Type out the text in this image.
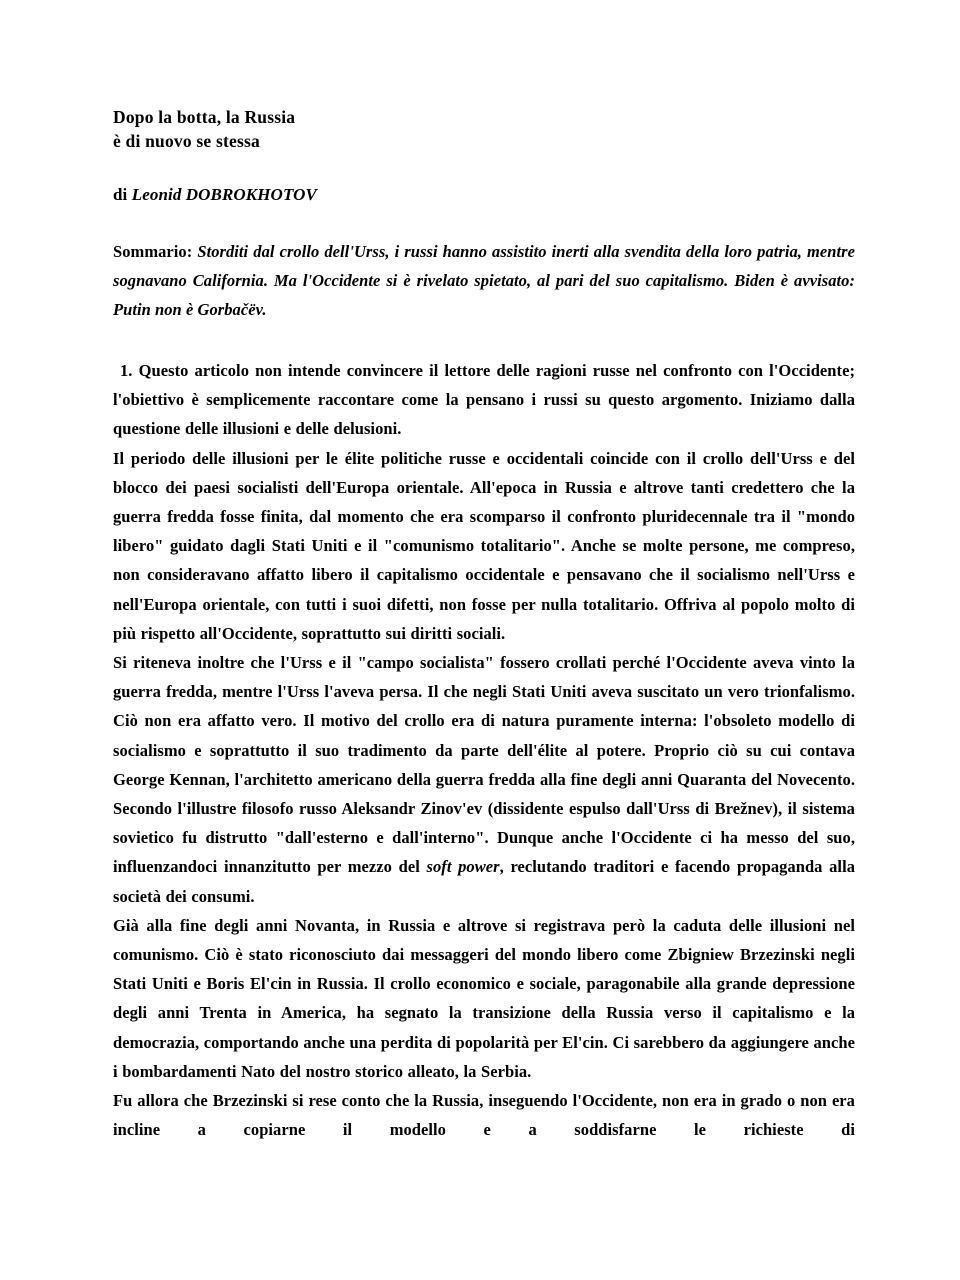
Dopo la botta, la Russia
è di nuovo se stessa

di Leonid DOBROKHOTOV

Sommario: Storditi dal crollo dell'Urss, i russi hanno assistito inerti alla svendita della loro patria, mentre sognavano California. Ma l'Occidente si è rivelato spietato, al pari del suo capitalismo. Biden è avvisato: Putin non è Gorbačëv.

1. Questo articolo non intende convincere il lettore delle ragioni russe nel confronto con l'Occidente; l'obiettivo è semplicemente raccontare come la pensano i russi su questo argomento. Iniziamo dalla questione delle illusioni e delle delusioni.

Il periodo delle illusioni per le élite politiche russe e occidentali coincide con il crollo dell'Urss e del blocco dei paesi socialisti dell'Europa orientale. All'epoca in Russia e altrove tanti credettero che la guerra fredda fosse finita, dal momento che era scomparso il confronto pluridecennale tra il "mondo libero" guidato dagli Stati Uniti e il "comunismo totalitario". Anche se molte persone, me compreso, non consideravano affatto libero il capitalismo occidentale e pensavano che il socialismo nell'Urss e nell'Europa orientale, con tutti i suoi difetti, non fosse per nulla totalitario. Offriva al popolo molto di più rispetto all'Occidente, soprattutto sui diritti sociali.

Si riteneva inoltre che l'Urss e il "campo socialista" fossero crollati perché l'Occidente aveva vinto la guerra fredda, mentre l'Urss l'aveva persa. Il che negli Stati Uniti aveva suscitato un vero trionfalismo. Ciò non era affatto vero. Il motivo del crollo era di natura puramente interna: l'obsoleto modello di socialismo e soprattutto il suo tradimento da parte dell'élite al potere. Proprio ciò su cui contava George Kennan, l'architetto americano della guerra fredda alla fine degli anni Quaranta del Novecento. Secondo l'illustre filosofo russo Aleksandr Zinov'ev (dissidente espulso dall'Urss di Brežnev), il sistema sovietico fu distrutto "dall'esterno e dall'interno". Dunque anche l'Occidente ci ha messo del suo, influenzandoci innanzitutto per mezzo del soft power, reclutando traditori e facendo propaganda alla società dei consumi.

Già alla fine degli anni Novanta, in Russia e altrove si registrava però la caduta delle illusioni nel comunismo. Ciò è stato riconosciuto dai messaggeri del mondo libero come Zbigniew Brzezinski negli Stati Uniti e Boris El'cin in Russia. Il crollo economico e sociale, paragonabile alla grande depressione degli anni Trenta in America, ha segnato la transizione della Russia verso il capitalismo e la democrazia, comportando anche una perdita di popolarità per El'cin. Ci sarebbero da aggiungere anche i bombardamenti Nato del nostro storico alleato, la Serbia.

Fu allora che Brzezinski si rese conto che la Russia, inseguendo l'Occidente, non era in grado o non era incline a copiarne il modello e a soddisfarne le richieste di
